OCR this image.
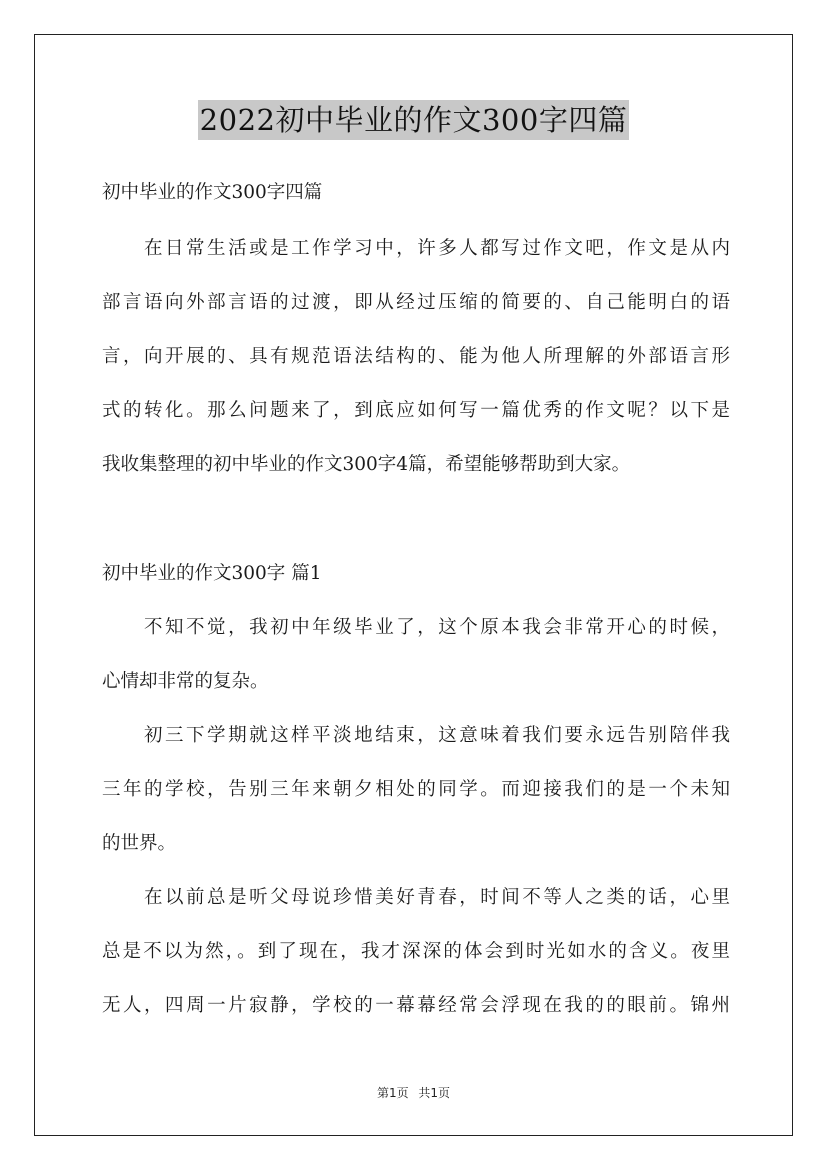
2022初中毕业的作文300字四篇
初中毕业的作文300字四篇
在日常生活或是工作学习中，许多人都写过作文吧，作文是从内
部言语向外部言语的过渡，即从经过压缩的简要的、自己能明白的语
言，向开展的、具有规范语法结构的、能为他人所理解的外部语言形
式的转化。那么问题来了，到底应如何写一篇优秀的作文呢？以下是
我收集整理的初中毕业的作文300字4篇，希望能够帮助到大家。
初中毕业的作文300字 篇1
不知不觉，我初中年级毕业了，这个原本我会非常开心的时候，
心情却非常的复杂。
初三下学期就这样平淡地结束，这意味着我们要永远告别陪伴我
三年的学校，告别三年来朝夕相处的同学。而迎接我们的是一个未知
的世界。
在以前总是听父母说珍惜美好青春，时间不等人之类的话，心里
总是不以为然，。到了现在，我才深深的体会到时光如水的含义。夜里
无人，四周一片寂静，学校的一幕幕经常会浮现在我的的眼前。锦州
第1页 共1页
